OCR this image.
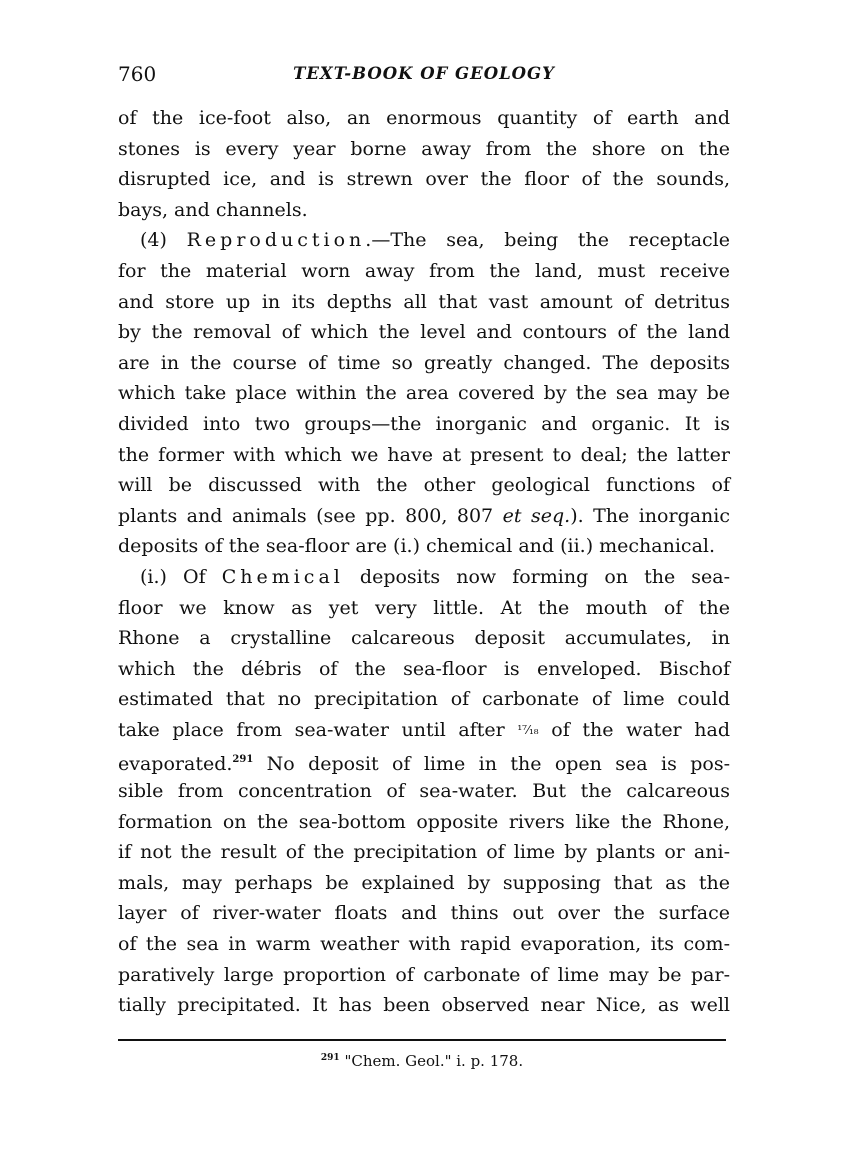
760	TEXT-BOOK OF GEOLOGY
of the ice-foot also, an enormous quantity of earth and
stones is every year borne away from the shore on the
disrupted ice, and is strewn over the floor of the sounds,
bays, and channels.
(4) Reproduction.—The sea, being the receptacle
for the material worn away from the land, must receive
and store up in its depths all that vast amount of detritus
by the removal of which the level and contours of the land
are in the course of time so greatly changed. The deposits
which take place within the area covered by the sea may be
divided into two groups—the inorganic and organic. It is
the former with which we have at present to deal; the latter
will be discussed with the other geological functions of
plants and animals (see pp. 800, 807 et seq.). The inorganic
deposits of the sea-floor are (i.) chemical and (ii.) mechanical.
(i.) Of Chemical deposits now forming on the sea-
floor we know as yet very little. At the mouth of the
Rhone a crystalline calcareous deposit accumulates, in
which the débris of the sea-floor is enveloped. Bischof
estimated that no precipitation of carbonate of lime could
take place from sea-water until after ¹⁷⁄₁₈ of the water had
evaporated.$^{291}$ No deposit of lime in the open sea is pos-
sible from concentration of sea-water. But the calcareous
formation on the sea-bottom opposite rivers like the Rhone,
if not the result of the precipitation of lime by plants or ani-
mals, may perhaps be explained by supposing that as the
layer of river-water floats and thins out over the surface
of the sea in warm weather with rapid evaporation, its com-
paratively large proportion of carbonate of lime may be par-
tially precipitated. It has been observed near Nice, as well
$^{291}$ "Chem. Geol." i. p. 178.
